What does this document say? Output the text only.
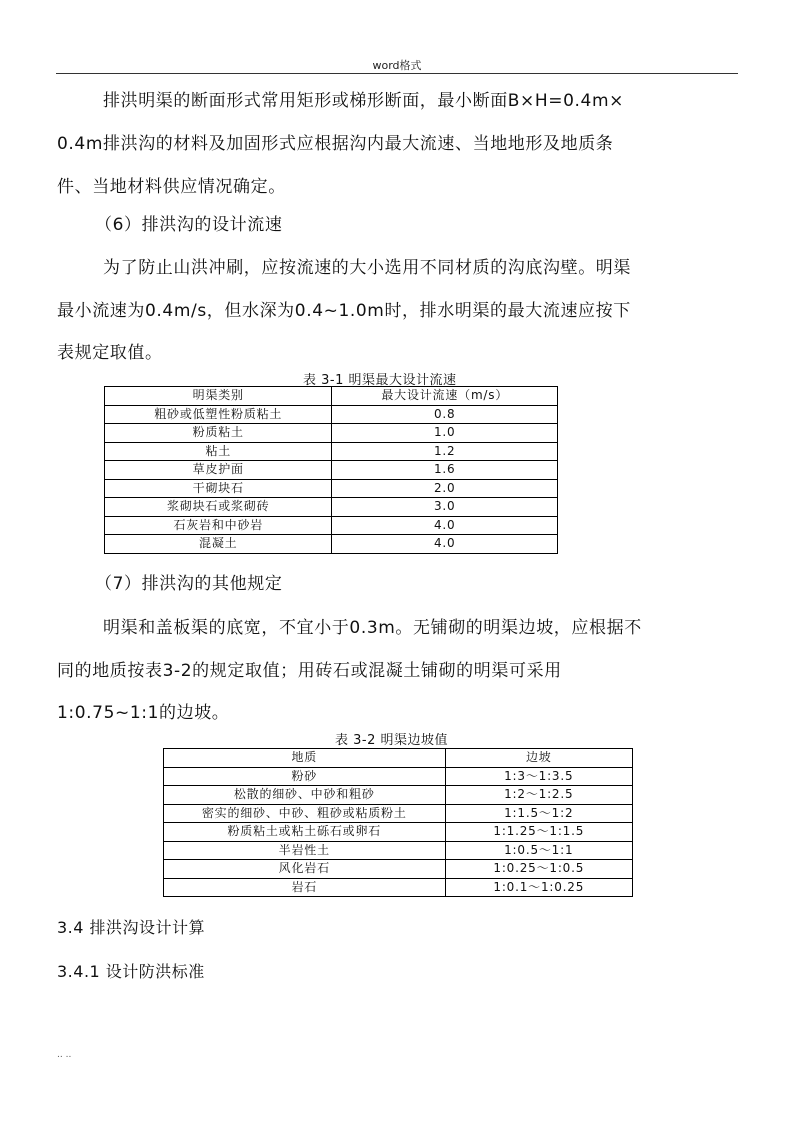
word格式

排洪明渠的断面形式常用矩形或梯形断面，最小断面B×H=0.4m×

0.4m排洪沟的材料及加固形式应根据沟内最大流速、当地地形及地质条

件、当地材料供应情况确定。

（6）排洪沟的设计流速

为了防止山洪冲刷，应按流速的大小选用不同材质的沟底沟壁。明渠

最小流速为0.4m/s，但水深为0.4~1.0m时，排水明渠的最大流速应按下

表规定取值。

表 3-1 明渠最大设计流速
明渠类别	最大设计流速（m/s）
粗砂或低塑性粉质粘土	0.8
粉质粘土	1.0
粘土	1.2
草皮护面	1.6
干砌块石	2.0
浆砌块石或浆砌砖	3.0
石灰岩和中砂岩	4.0
混凝土	4.0

（7）排洪沟的其他规定

明渠和盖板渠的底宽，不宜小于0.3m。无铺砌的明渠边坡，应根据不

同的地质按表3-2的规定取值；用砖石或混凝土铺砌的明渠可采用

1:0.75~1:1的边坡。

表 3-2 明渠边坡值
地质	边坡
粉砂	1:3～1:3.5
松散的细砂、中砂和粗砂	1:2～1:2.5
密实的细砂、中砂、粗砂或粘质粉土	1:1.5～1:2
粉质粘土或粘土砾石或卵石	1:1.25～1:1.5
半岩性土	1:0.5～1:1
风化岩石	1:0.25～1:0.5
岩石	1:0.1～1:0.25
3.4 排洪沟设计计算
3.4.1 设计防洪标准
.. ..
